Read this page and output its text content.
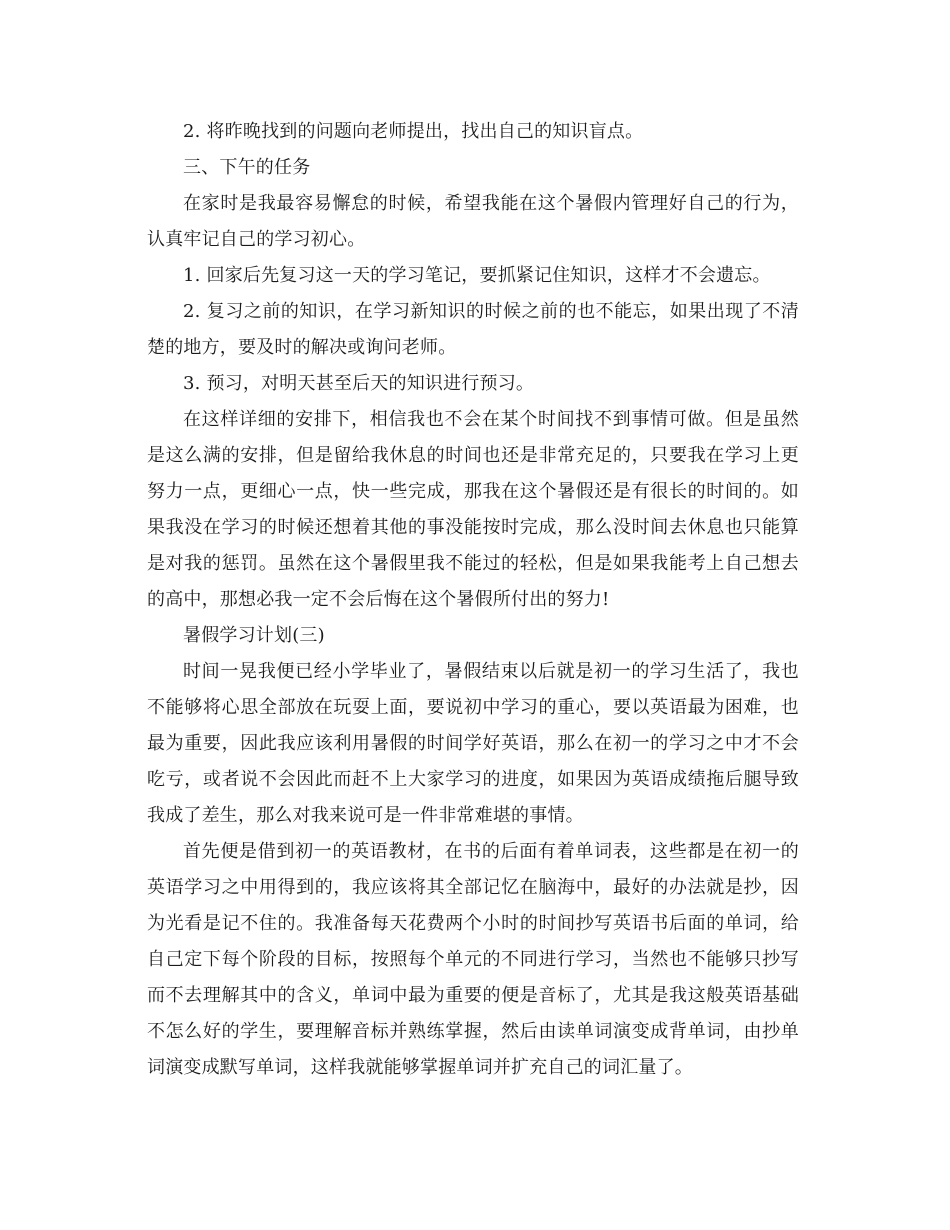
2. 将昨晚找到的问题向老师提出，找出自己的知识盲点。

三、下午的任务

在家时是我最容易懈怠的时候，希望我能在这个暑假内管理好自己的行为，认真牢记自己的学习初心。

1. 回家后先复习这一天的学习笔记，要抓紧记住知识，这样才不会遗忘。

2. 复习之前的知识，在学习新知识的时候之前的也不能忘，如果出现了不清楚的地方，要及时的解决或询问老师。

3. 预习，对明天甚至后天的知识进行预习。

在这样详细的安排下，相信我也不会在某个时间找不到事情可做。但是虽然是这么满的安排，但是留给我休息的时间也还是非常充足的，只要我在学习上更努力一点，更细心一点，快一些完成，那我在这个暑假还是有很长的时间的。如果我没在学习的时候还想着其他的事没能按时完成，那么没时间去休息也只能算是对我的惩罚。虽然在这个暑假里我不能过的轻松，但是如果我能考上自己想去的高中，那想必我一定不会后悔在这个暑假所付出的努力!

暑假学习计划(三)

时间一晃我便已经小学毕业了，暑假结束以后就是初一的学习生活了，我也不能够将心思全部放在玩耍上面，要说初中学习的重心，要以英语最为困难，也最为重要，因此我应该利用暑假的时间学好英语，那么在初一的学习之中才不会吃亏，或者说不会因此而赶不上大家学习的进度，如果因为英语成绩拖后腿导致我成了差生，那么对我来说可是一件非常难堪的事情。

首先便是借到初一的英语教材，在书的后面有着单词表，这些都是在初一的英语学习之中用得到的，我应该将其全部记忆在脑海中，最好的办法就是抄，因为光看是记不住的。我准备每天花费两个小时的时间抄写英语书后面的单词，给自己定下每个阶段的目标，按照每个单元的不同进行学习，当然也不能够只抄写而不去理解其中的含义，单词中最为重要的便是音标了，尤其是我这般英语基础不怎么好的学生，要理解音标并熟练掌握，然后由读单词演变成背单词，由抄单词演变成默写单词，这样我就能够掌握单词并扩充自己的词汇量了。
